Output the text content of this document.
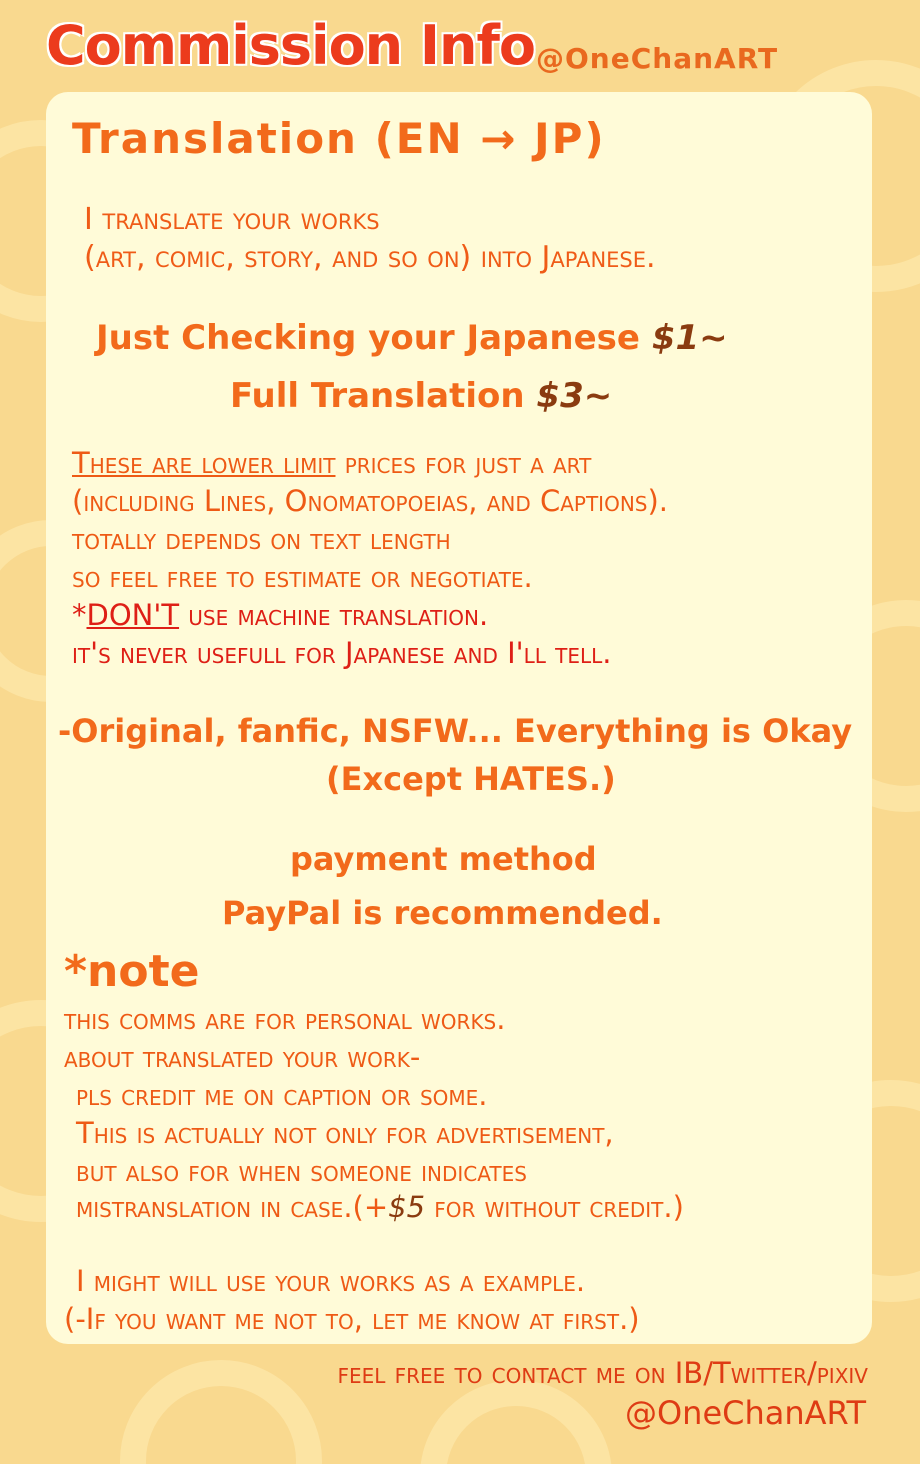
Commission Info @OneChanART
Translation (EN → JP)
I translate your works
(art, comic, story, and so on) into Japanese.
Just Checking your Japanese $1~
Full Translation $3~
These are lower limit prices for just a art
(including Lines, Onomatopoeias, and Captions).
totally depends on text length
so feel free to estimate or negotiate.
*DON'T use machine translation.
it's never usefull for Japanese and I'll tell.
-Original, fanfic, NSFW... Everything is Okay
(Except HATES.)
payment method
PayPal is recommended.
*note
this comms are for personal works.
about translated your work-
pls credit me on caption or some.
This is actually not only for advertisement,
but also for when someone indicates
mistranslation in case.(+$5 for without credit.)
I might will use your works as a example.
(-If you want me not to, let me know at first.)
feel free to contact me on IB/Twitter/pixiv
@OneChanART
